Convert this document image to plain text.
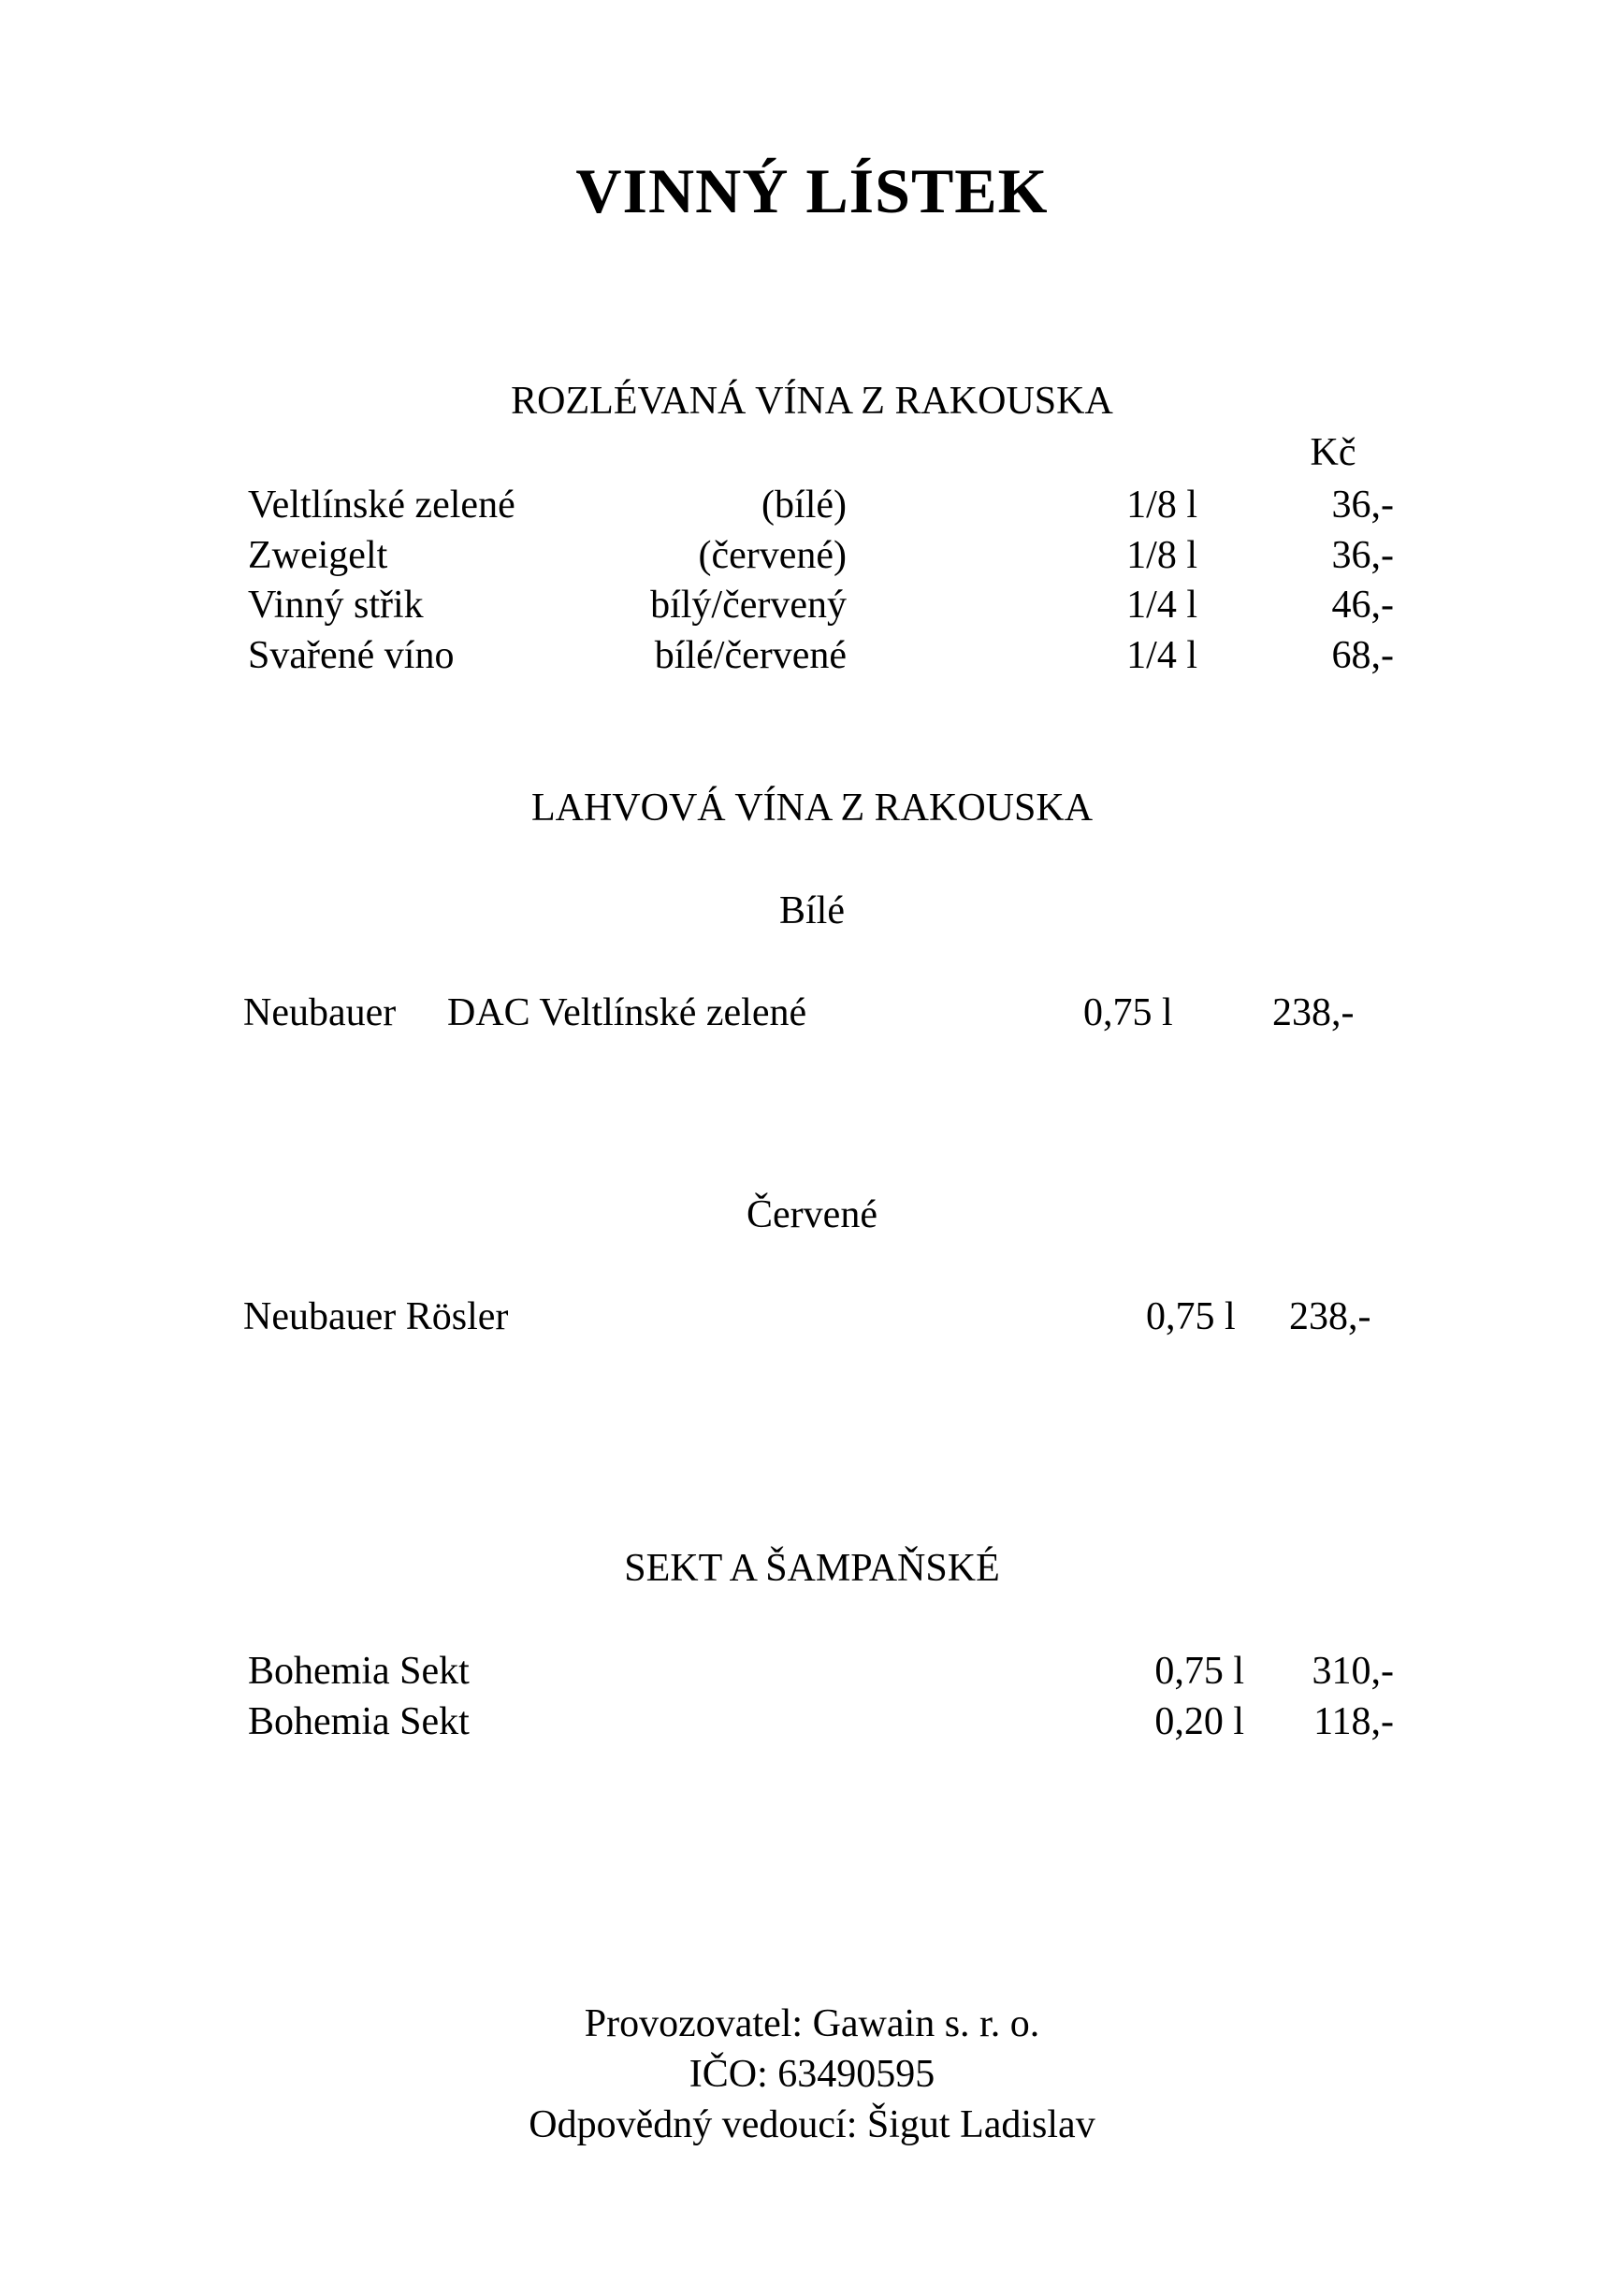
VINNÝ LÍSTEK
ROZLÉVANÁ VÍNA Z RAKOUSKA
Kč
Veltlínské zelené	(bílé)	1/8 l	36,-
Zweigelt	(červené)	1/8 l	36,-
Vinný střik	bílý/červený	1/4 l	46,-
Svařené víno	bílé/červené	1/4 l	68,-
LAHVOVÁ VÍNA Z RAKOUSKA
Bílé
Neubauer DAC Veltlínské zelené	0,75 l	238,-
Červené
Neubauer Rösler	0,75 l 238,-
SEKT A ŠAMPAŇSKÉ
Bohemia Sekt	0,75 l	310,-
Bohemia Sekt	0,20 l	118,-
Provozovatel: Gawain s. r. o.
IČO: 63490595
Odpovědný vedoucí: Šigut Ladislav
